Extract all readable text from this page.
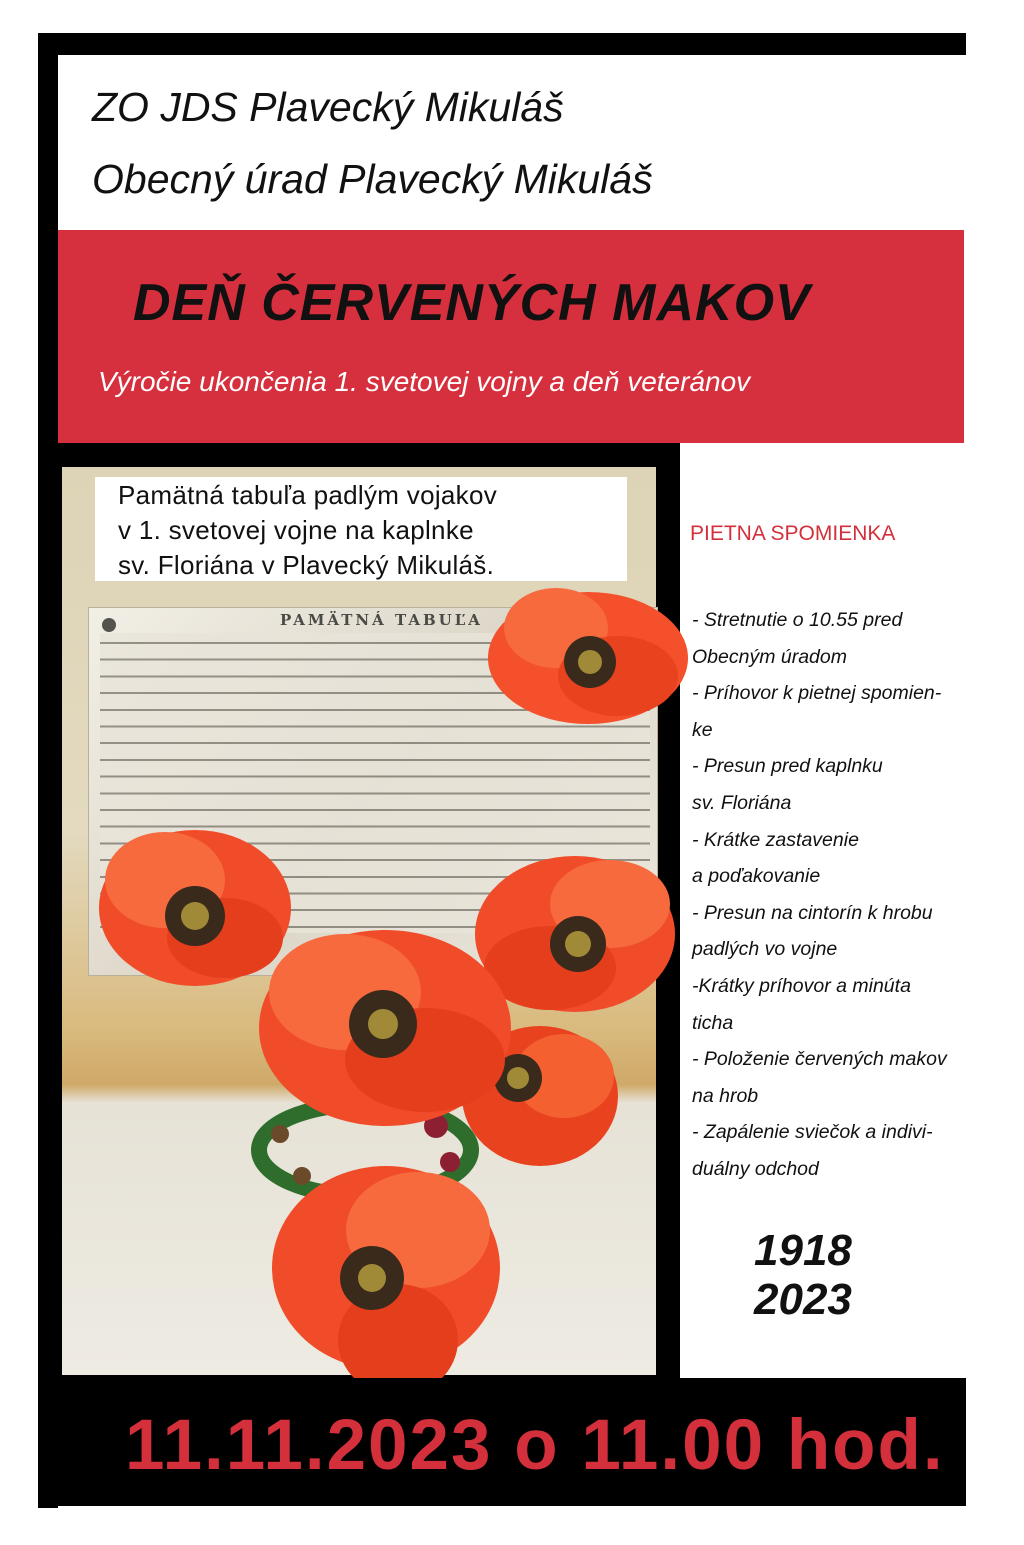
ZO JDS Plavecký Mikuláš
Obecný úrad Plavecký Mikuláš
DEŇ ČERVENÝCH MAKOV
Výročie ukončenia 1. svetovej vojny a deň veteránov
PAMÄTNÁ TABUĽA
Pamätná tabuľa padlým vojakov
v 1. svetovej vojne na kaplnke
sv. Floriána v Plavecký Mikuláš.
PIETNA SPOMIENKA
- Stretnutie o 10.55 pred
Obecným úradom
- Príhovor k pietnej spomien-
ke
- Presun pred kaplnku
sv. Floriána
- Krátke zastavenie
a poďakovanie
- Presun na cintorín k hrobu
padlých vo vojne
-Krátky príhovor a minúta
ticha
- Položenie červených makov
na hrob
- Zapálenie sviečok a indivi-
duálny odchod
1918
2023
11.11.2023 o 11.00 hod.
